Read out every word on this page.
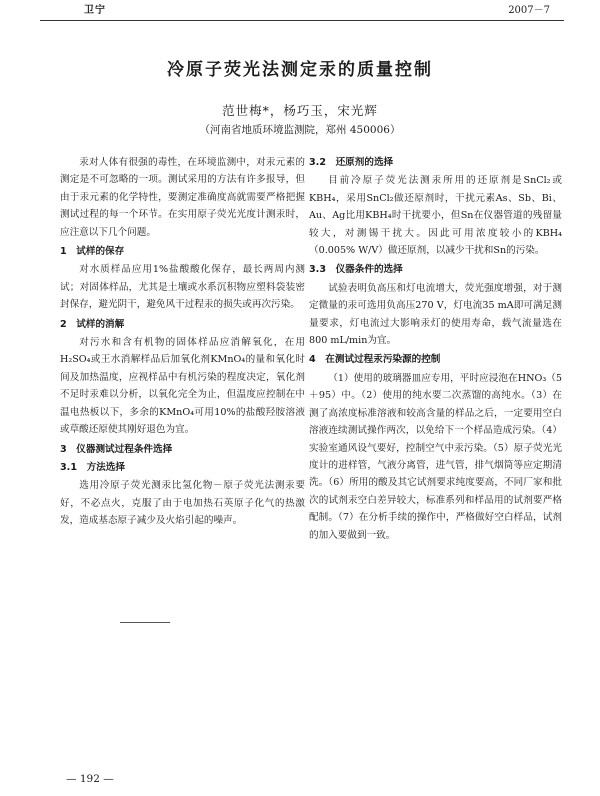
卫宁	2007－7
冷原子荧光法测定汞的质量控制
范世梅*，杨巧玉，宋光辉
（河南省地质环境监测院，郑州 450006）

汞对人体有很强的毒性，在环境监测中，对汞元素的测定是不可忽略的一项。测试采用的方法有许多报导，但由于汞元素的化学特性，要测定准确度高就需要严格把握测试过程的每一个环节。在实用原子荧光光度计测汞时，应注意以下几个问题。

1　试样的保存

对水质样品应用1%盐酸酸化保存，最长两周内测试；对固体样品，尤其是土壤或水系沉积物应塑料袋装密封保存，避光阴干，避免风干过程汞的损失或再次污染。

2　试样的消解

对污水和含有机物的固体样品应消解氧化，在用H₂SO₄或王水消解样品后加氧化剂KMnO₄的量和氧化时间及加热温度，应视样品中有机污染的程度决定，氧化剂不足时汞难以分析，以氧化完全为止，但温度应控制在中温电热板以下，多余的KMnO₄可用10%的盐酸羟胺溶液或草酸还原使其刚好退色为宜。

3　仪器测试过程条件选择
3.1　方法选择

选用冷原子荧光测汞比氢化物－原子荧光法测汞要好，不必点火，克服了由于电加热石英原子化气的热激发，造成基态原子减少及火焰引起的噪声。

3.2　还原剂的选择

目前冷原子荧光法测汞所用的还原剂是SnCl₂或KBH₄，采用SnCl₂做还原剂时，干扰元素As、Sb、Bi、Au、Ag比用KBH₄时干扰要小，但Sn在仪器管道的残留量较大，对测锡干扰大。因此可用浓度较小的KBH₄（0.005% W/V）做还原剂，以减少干扰和Sn的污染。

3.3　仪器条件的选择

试验表明负高压和灯电流增大，荧光强度增强，对于测定微量的汞可选用负高压270 V，灯电流35 mA即可满足测量要求，灯电流过大影响汞灯的使用寿命，载气流量选在800 mL/min为宜。

4　在测试过程汞污染源的控制

（1）使用的玻璃器皿应专用，平时应浸泡在HNO₃（5＋95）中。（2）使用的纯水要二次蒸馏的高纯水。（3）在测了高浓度标准溶液和较高含量的样品之后，一定要用空白溶液连续测试操作两次，以免给下一个样品造成污染。（4）实验室通风设气要好，控制空气中汞污染。（5）原子荧光光度计的进样管，气液分离管，进气管，排气烟筒等应定期清洗。（6）所用的酸及其它试剂要求纯度要高，不同厂家和批次的试剂汞空白差异较大，标准系列和样品用的试剂要严格配制。（7）在分析手续的操作中，严格做好空白样品，试剂的加入要做到一致。

— 192 —
